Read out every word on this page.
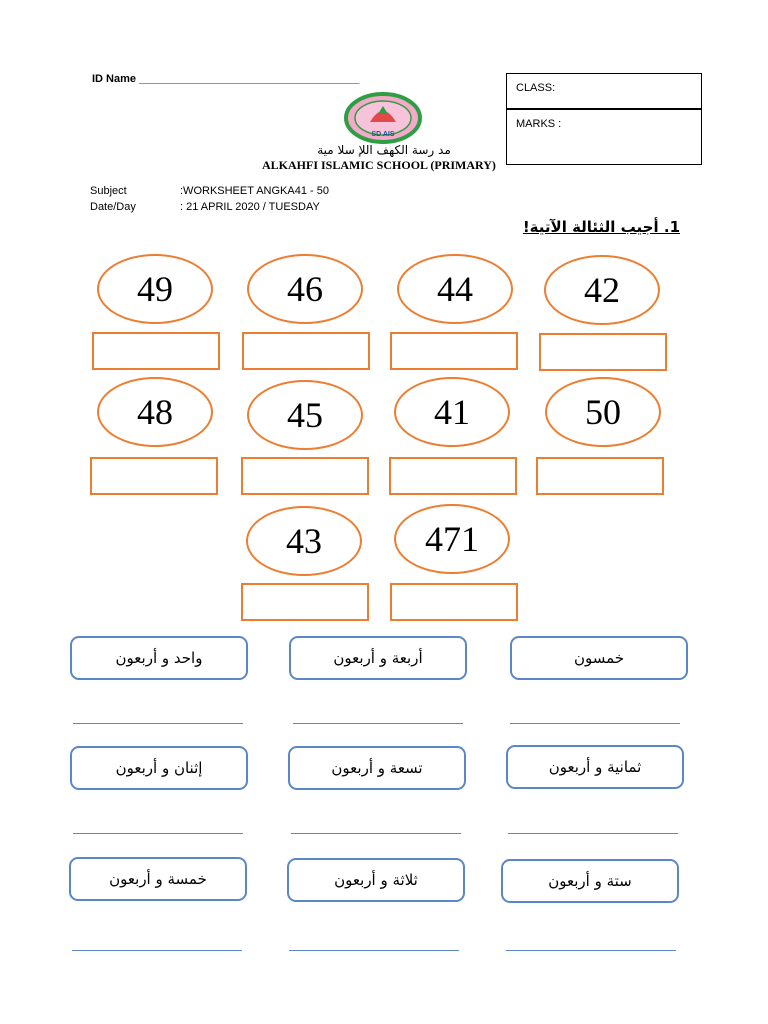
ID Name ____________________________________
CLASS:
MARKS :
SD AIS
مد رسة الكهف اللإ سلا مية
ALKAHFI ISLAMIC SCHOOL (PRIMARY)
Subject	:WORKSHEET ANGKA41 - 50
Date/Day	: 21 APRIL 2020 / TUESDAY
1. أجيب الثئالة الآتية!
49	46	44	42
48	45	41	50
43	471
واحد و أربعون	أربعة و أربعون	خمسون
إثنان و أربعون	تسعة و أربعون	ثمانية و أربعون
خمسة و أربعون	ثلاثة و أربعون	ستة و أربعون
